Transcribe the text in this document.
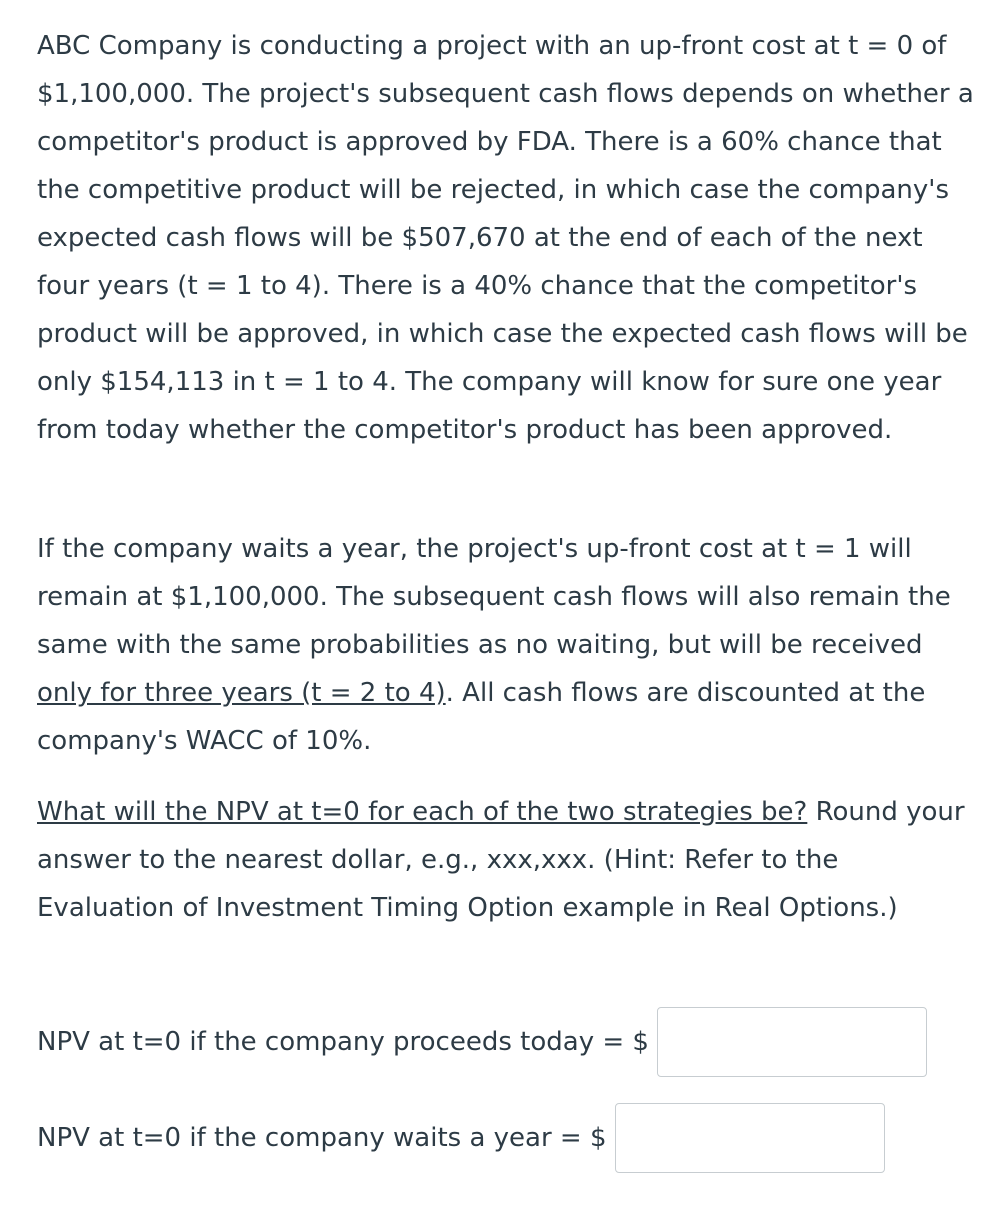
ABC Company is conducting a project with an up-front cost at t = 0 of $1,100,000. The project's subsequent cash flows depends on whether a competitor's product is approved by FDA. There is a 60% chance that the competitive product will be rejected, in which case the company's expected cash flows will be $507,670 at the end of each of the next four years (t = 1 to 4). There is a 40% chance that the competitor's product will be approved, in which case the expected cash flows will be only $154,113 in t = 1 to 4. The company will know for sure one year from today whether the competitor's product has been approved.

If the company waits a year, the project's up-front cost at t = 1 will remain at $1,100,000. The subsequent cash flows will also remain the same with the same probabilities as no waiting, but will be received only for three years (t = 2 to 4). All cash flows are discounted at the company's WACC of 10%.

What will the NPV at t=0 for each of the two strategies be? Round your answer to the nearest dollar, e.g., xxx,xxx. (Hint: Refer to the Evaluation of Investment Timing Option example in Real Options.)

NPV at t=0 if the company proceeds today = $
NPV at t=0 if the company waits a year = $
